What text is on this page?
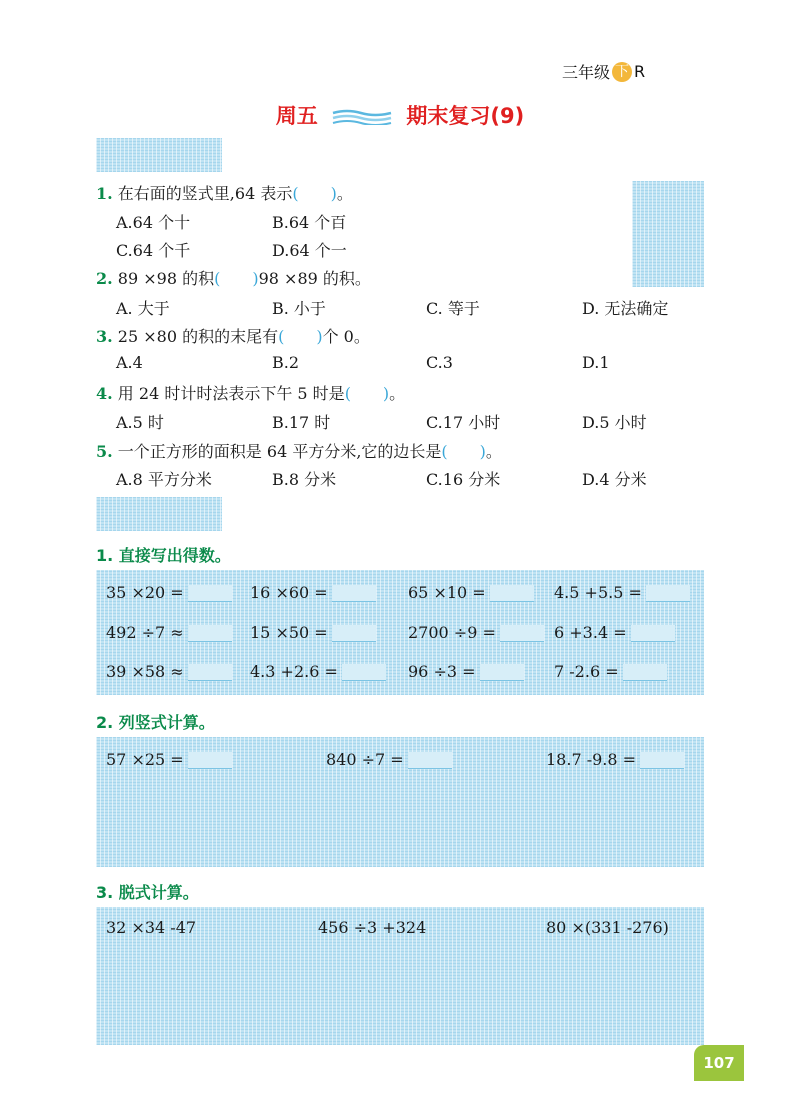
三年级 下 R
周五	期末复习(9)
1. 在右面的竖式里,64 表示(  )。
A.64 个十	B.64 个百
C.64 个千	D.64 个一
2. 89 ×98 的积(  )98 ×89 的积。
A. 大于	B. 小于	C. 等于	D. 无法确定
3. 25 ×80 的积的末尾有(  )个 0。
A.4	B.2	C.3	D.1
4. 用 24 时计时法表示下午 5 时是(  )。
A.5 时	B.17 时	C.17 小时	D.5 小时
5. 一个正方形的面积是 64 平方分米,它的边长是(  )。
A.8 平方分米	B.8 分米	C.16 分米	D.4 分米
1. 直接写出得数。
35 ×20 =	16 ×60 =	65 ×10 =	4.5 +5.5 =
492 ÷7 ≈	15 ×50 =	2700 ÷9 =	6 +3.4 =
39 ×58 ≈	4.3 +2.6 =	96 ÷3 =	7 -2.6 =
2. 列竖式计算。
57 ×25 =	840 ÷7 =	18.7 -9.8 =
3. 脱式计算。
32 ×34 -47	456 ÷3 +324	80 ×(331 -276)
107
